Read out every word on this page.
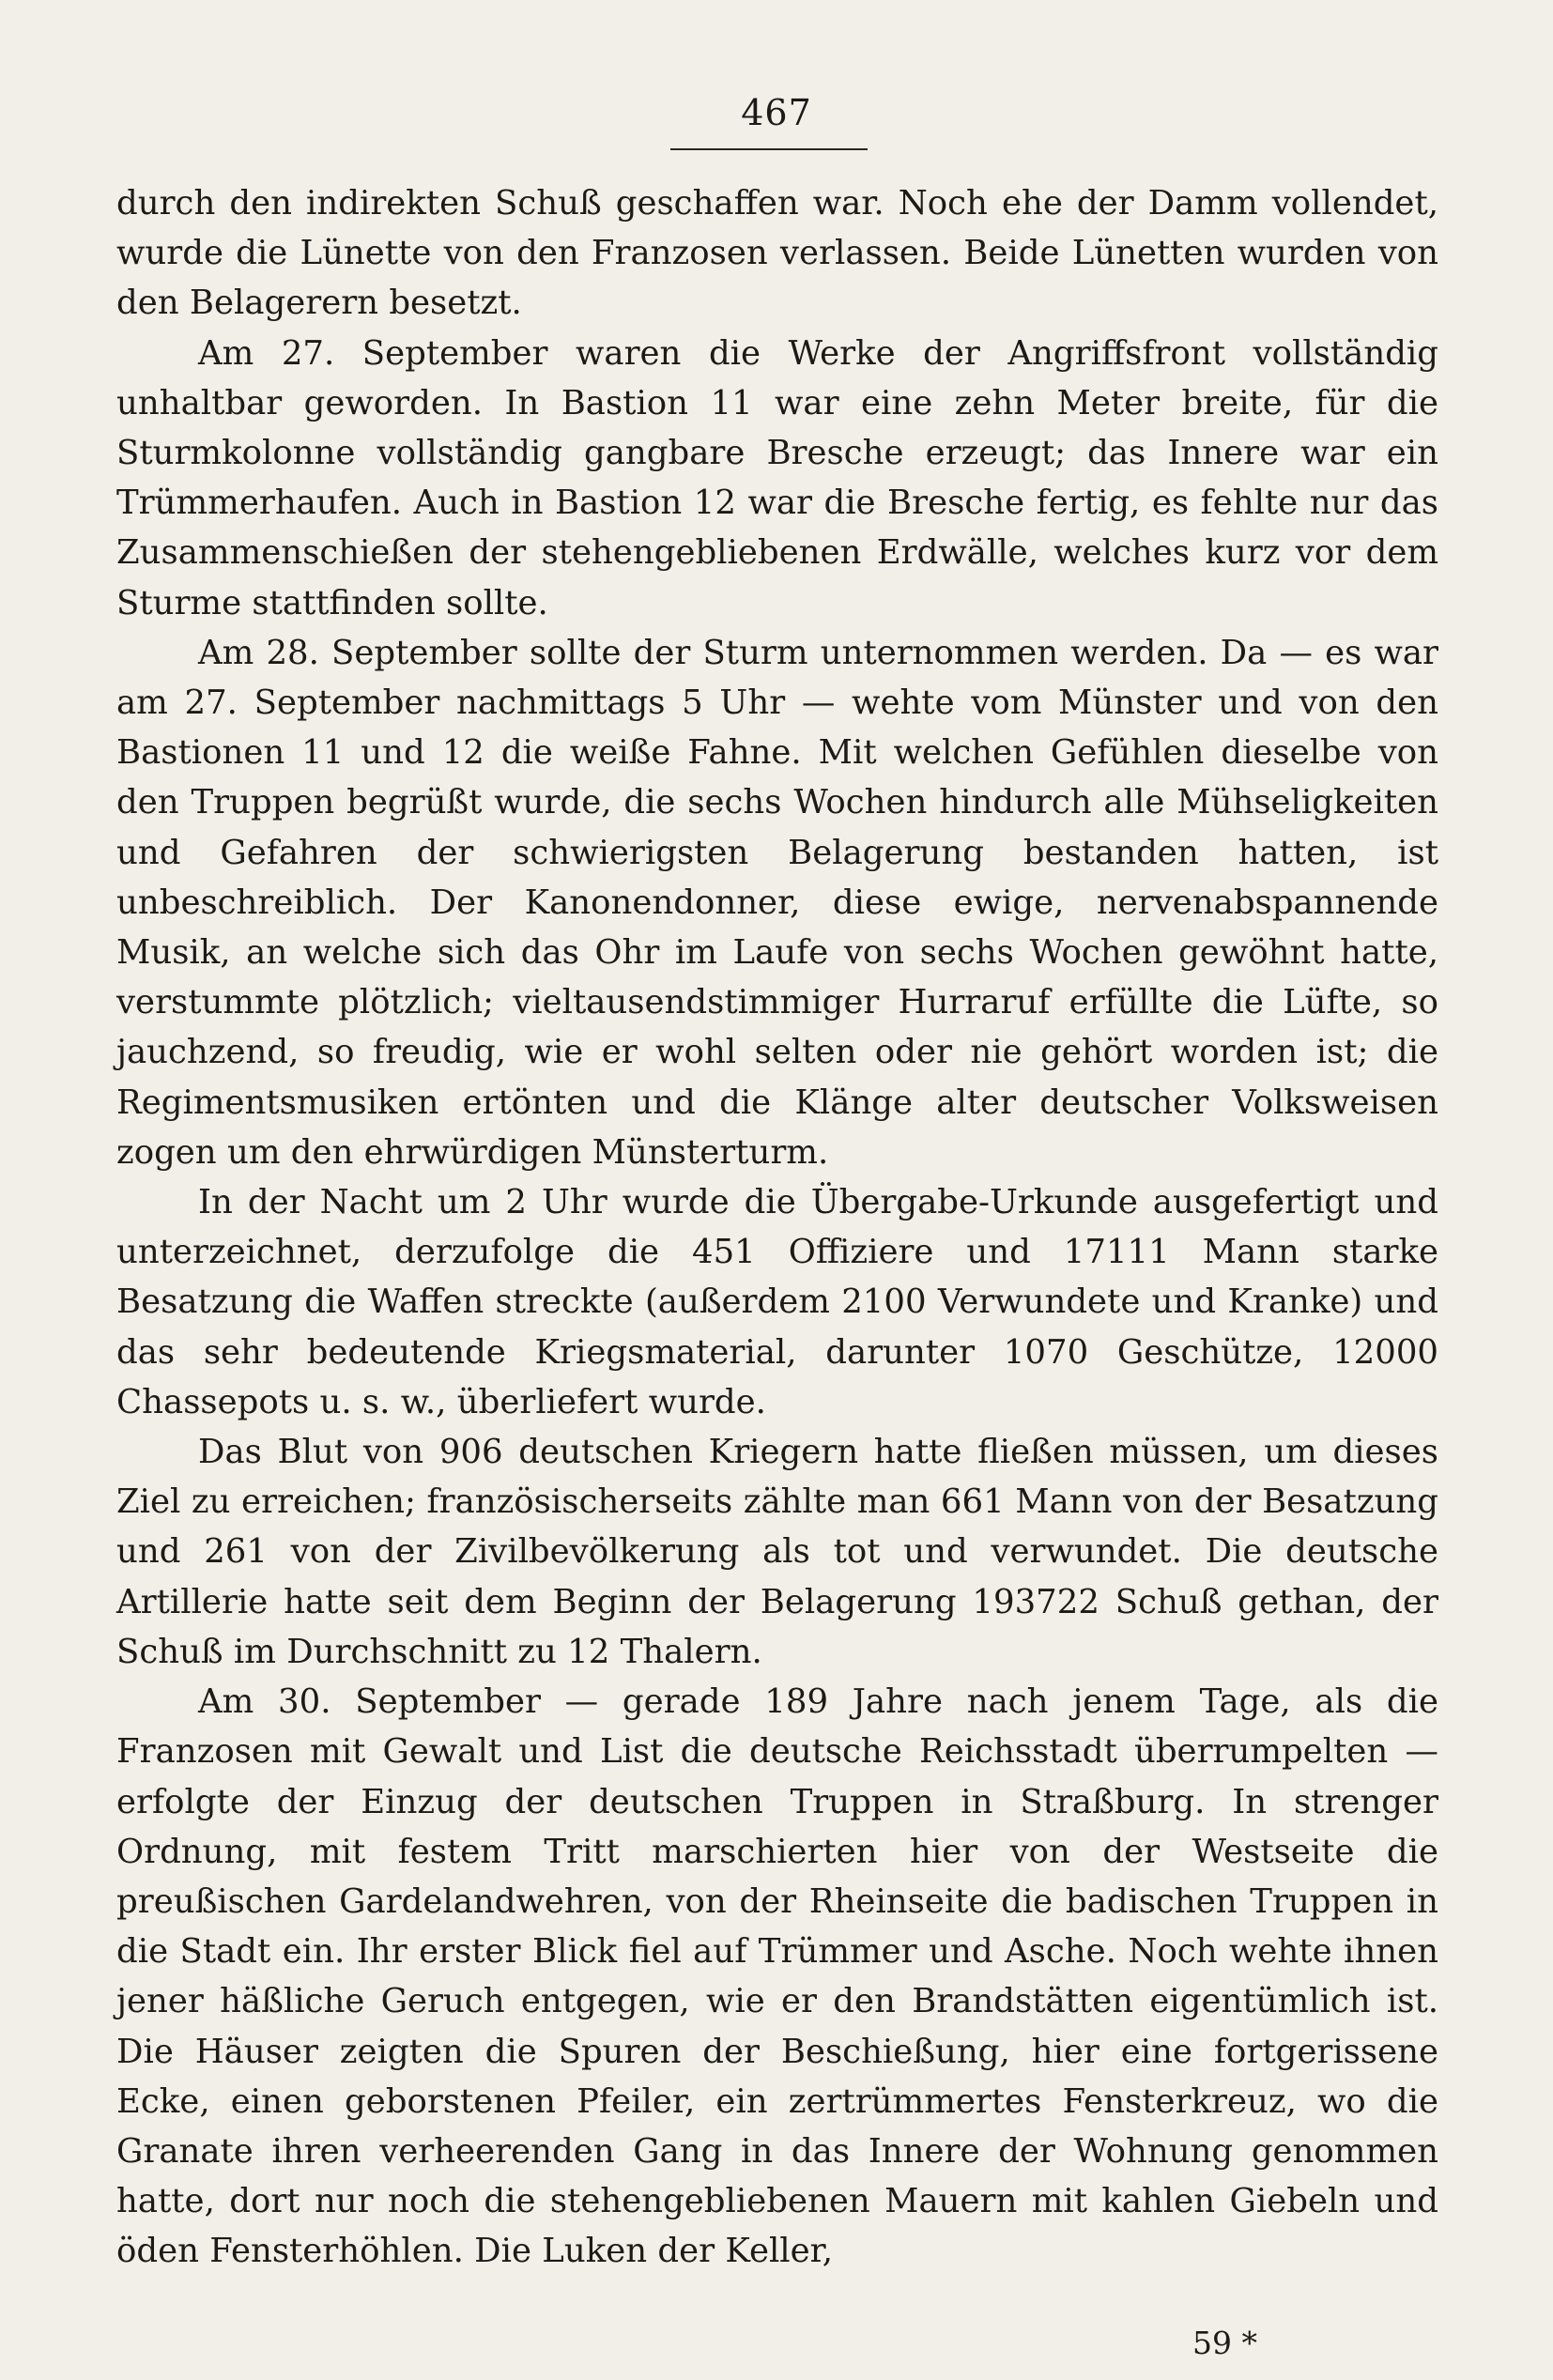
467

durch den indirekten Schuß geschaffen war. Noch ehe der Damm vollendet, wurde die Lünette von den Franzosen verlassen. Beide Lünetten wurden von den Belagerern besetzt.

Am 27. September waren die Werke der Angriffsfront vollständig unhaltbar geworden. In Bastion 11 war eine zehn Meter breite, für die Sturmkolonne vollständig gangbare Bresche erzeugt; das Innere war ein Trümmerhaufen. Auch in Bastion 12 war die Bresche fertig, es fehlte nur das Zusammenschießen der stehengebliebenen Erdwälle, welches kurz vor dem Sturme stattfinden sollte.

Am 28. September sollte der Sturm unternommen werden. Da — es war am 27. September nachmittags 5 Uhr — wehte vom Münster und von den Bastionen 11 und 12 die weiße Fahne. Mit welchen Gefühlen dieselbe von den Truppen begrüßt wurde, die sechs Wochen hindurch alle Mühseligkeiten und Gefahren der schwierigsten Belagerung bestanden hatten, ist unbeschreiblich. Der Kanonendonner, diese ewige, nervenabspannende Musik, an welche sich das Ohr im Laufe von sechs Wochen gewöhnt hatte, verstummte plötzlich; vieltausendstimmiger Hurraruf erfüllte die Lüfte, so jauchzend, so freudig, wie er wohl selten oder nie gehört worden ist; die Regimentsmusiken ertönten und die Klänge alter deutscher Volksweisen zogen um den ehrwürdigen Münsterturm.

In der Nacht um 2 Uhr wurde die Übergabe-Urkunde ausgefertigt und unterzeichnet, derzufolge die 451 Offiziere und 17111 Mann starke Besatzung die Waffen streckte (außerdem 2100 Verwundete und Kranke) und das sehr bedeutende Kriegsmaterial, darunter 1070 Geschütze, 12000 Chassepots u. s. w., überliefert wurde.

Das Blut von 906 deutschen Kriegern hatte fließen müssen, um dieses Ziel zu erreichen; französischerseits zählte man 661 Mann von der Besatzung und 261 von der Zivilbevölkerung als tot und verwundet. Die deutsche Artillerie hatte seit dem Beginn der Belagerung 193722 Schuß gethan, der Schuß im Durchschnitt zu 12 Thalern.

Am 30. September — gerade 189 Jahre nach jenem Tage, als die Franzosen mit Gewalt und List die deutsche Reichsstadt überrumpelten — erfolgte der Einzug der deutschen Truppen in Straßburg. In strenger Ordnung, mit festem Tritt marschierten hier von der Westseite die preußischen Gardelandwehren, von der Rheinseite die badischen Truppen in die Stadt ein. Ihr erster Blick fiel auf Trümmer und Asche. Noch wehte ihnen jener häßliche Geruch entgegen, wie er den Brandstätten eigentümlich ist. Die Häuser zeigten die Spuren der Beschießung, hier eine fortgerissene Ecke, einen geborstenen Pfeiler, ein zertrümmertes Fensterkreuz, wo die Granate ihren verheerenden Gang in das Innere der Wohnung genommen hatte, dort nur noch die stehengebliebenen Mauern mit kahlen Giebeln und öden Fensterhöhlen. Die Luken der Keller,

59 *
